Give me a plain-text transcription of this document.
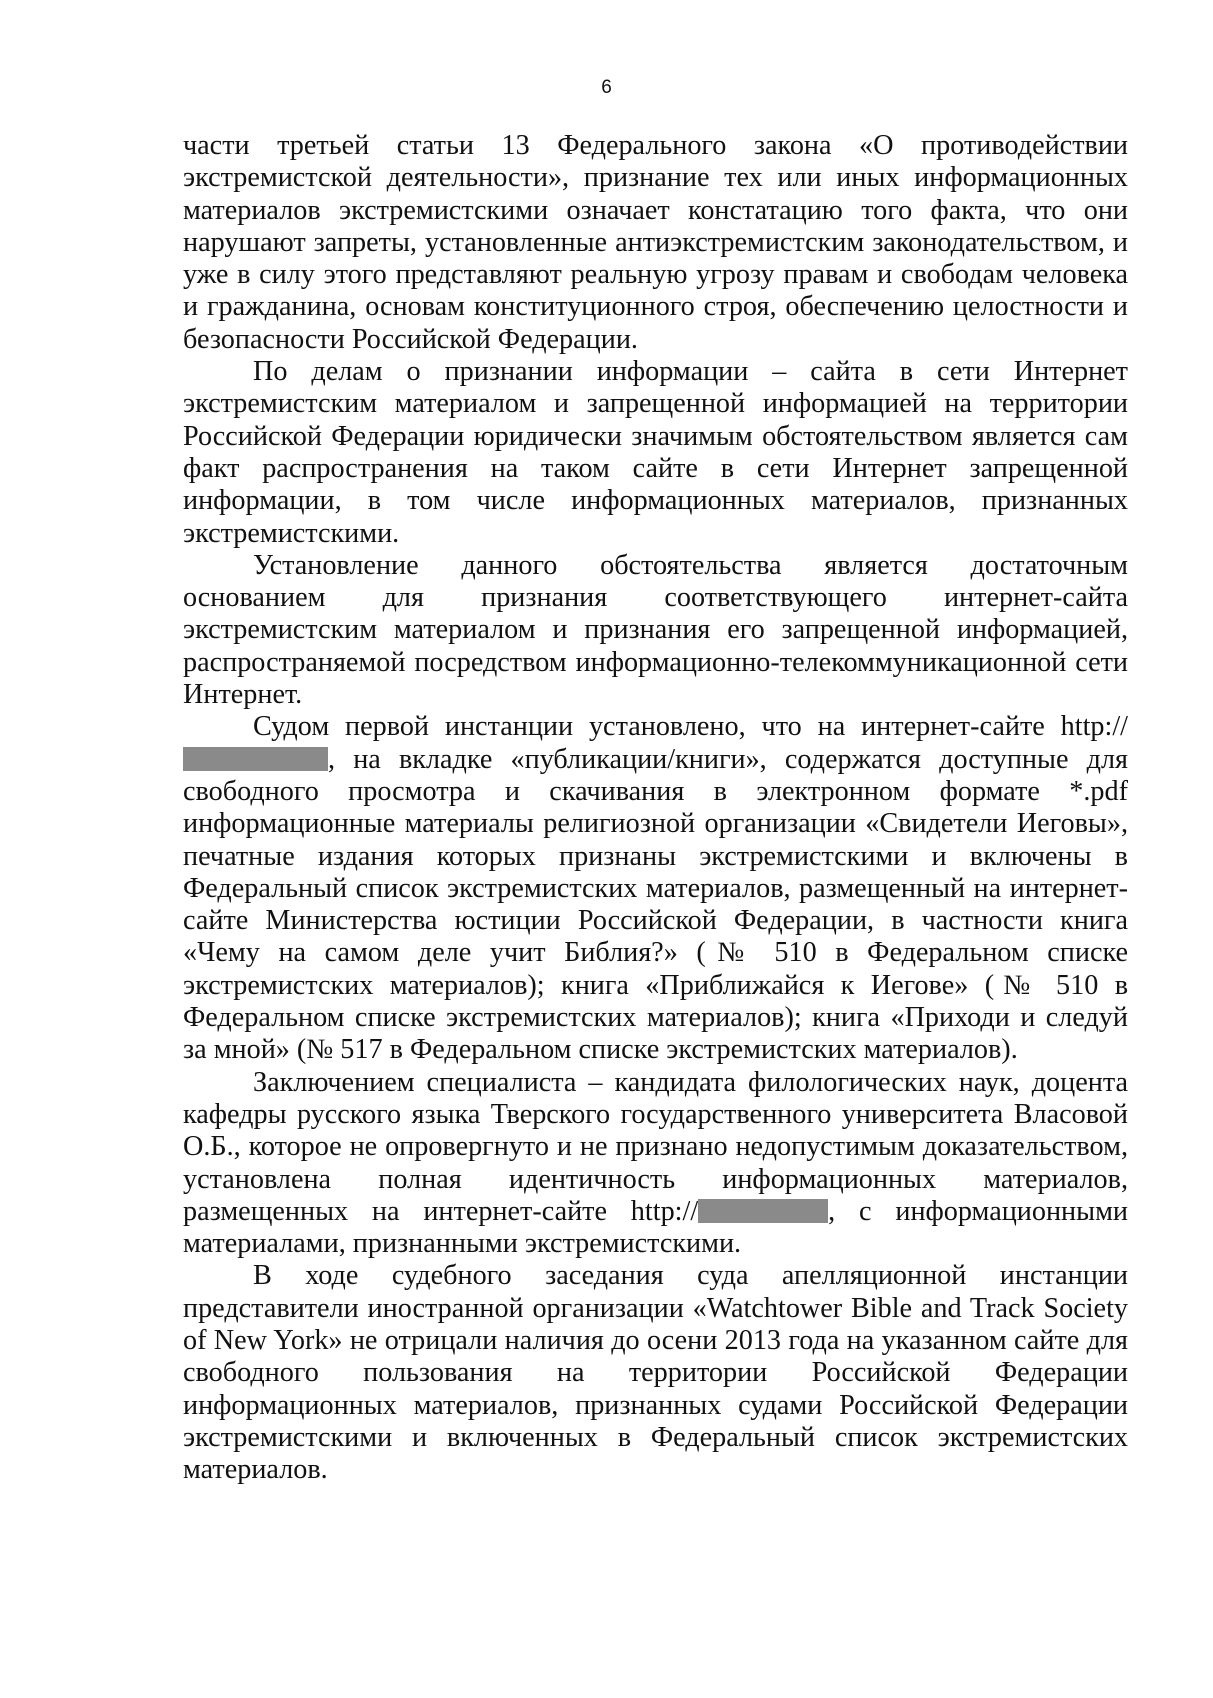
6

части третьей статьи 13 Федерального закона «О противодействии экстремистской деятельности», признание тех или иных информационных материалов экстремистскими означает констатацию того факта, что они нарушают запреты, установленные антиэкстремистским законодательством, и уже в силу этого представляют реальную угрозу правам и свободам человека и гражданина, основам конституционного строя, обеспечению целостности и безопасности Российской Федерации.

По делам о признании информации – сайта в сети Интернет экстремистским материалом и запрещенной информацией на территории Российской Федерации юридически значимым обстоятельством является сам факт распространения на таком сайте в сети Интернет запрещенной информации, в том числе информационных материалов, признанных экстремистскими.

Установление данного обстоятельства является достаточным основанием для признания соответствующего интернет-сайта экстремистским материалом и признания его запрещенной информацией, распространяемой посредством информационно-телекоммуникационной сети Интернет.

Судом первой инстанции установлено, что на интернет-сайте http://, на вкладке «публикации/книги», содержатся доступные для свободного просмотра и скачивания в электронном формате *.pdf информационные материалы религиозной организации «Свидетели Иеговы», печатные издания которых признаны экстремистскими и включены в Федеральный список экстремистских материалов, размещенный на интернет-сайте Министерства юстиции Российской Федерации, в частности книга «Чему на самом деле учит Библия?» (№ 510 в Федеральном списке экстремистских материалов); книга «Приближайся к Иегове» (№ 510 в Федеральном списке экстремистских материалов); книга «Приходи и следуй за мной» (№ 517 в Федеральном списке экстремистских материалов).

Заключением специалиста – кандидата филологических наук, доцента кафедры русского языка Тверского государственного университета Власовой О.Б., которое не опровергнуто и не признано недопустимым доказательством, установлена полная идентичность информационных материалов, размещенных на интернет-сайте http://	, с информационными материалами, признанными экстремистскими.

В ходе судебного заседания суда апелляционной инстанции представители иностранной организации «Watchtower Bible and Track Society of New York» не отрицали наличия до осени 2013 года на указанном сайте для свободного пользования на территории Российской Федерации информационных материалов, признанных судами Российской Федерации экстремистскими и включенных в Федеральный список экстремистских материалов.
